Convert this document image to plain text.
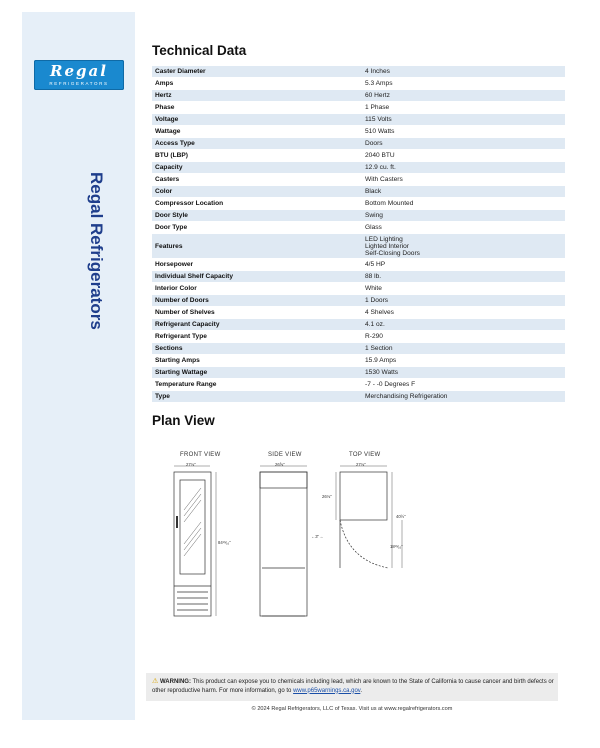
Regal
REFRIGERATORS
Regal Refrigerators
Technical Data
Caster Diameter	4 Inches
Amps	5.3 Amps
Hertz	60 Hertz
Phase	1 Phase
Voltage	115 Volts
Wattage	510 Watts
Access Type	Doors
BTU (LBP)	2040 BTU
Capacity	12.9 cu. ft.
Casters	With Casters
Color	Black
Compressor Location	Bottom Mounted
Door Style	Swing
Door Type	Glass
Features	LED Lighting
Lighted Interior
Self-Closing Doors

Horsepower	4/5 HP
Individual Shelf Capacity	88 lb.
Interior Color	White
Number of Doors	1 Doors
Number of Shelves	4 Shelves
Refrigerant Capacity	4.1 oz.
Refrigerant Type	R-290
Sections	1 Section
Starting Amps	15.9 Amps
Starting Wattage	1530 Watts
Temperature Range	-7 - -0 Degrees F
Type	Merchandising Refrigeration
Plan View
FRONT VIEW	SIDE VIEW	TOP VIEW
27⅛"
84¹³⁄₁₆"
26⅝"
←3"→
27⅛"
26⅛"
40½"
18¹³⁄₁₆"
⚠ WARNING: This product can expose you to chemicals including lead, which are known to the State of California to cause cancer and birth defects or other reproductive harm. For more information, go to www.p65warnings.ca.gov.
© 2024 Regal Refrigerators, LLC of Texas. Visit us at www.regalrefrigerators.com
